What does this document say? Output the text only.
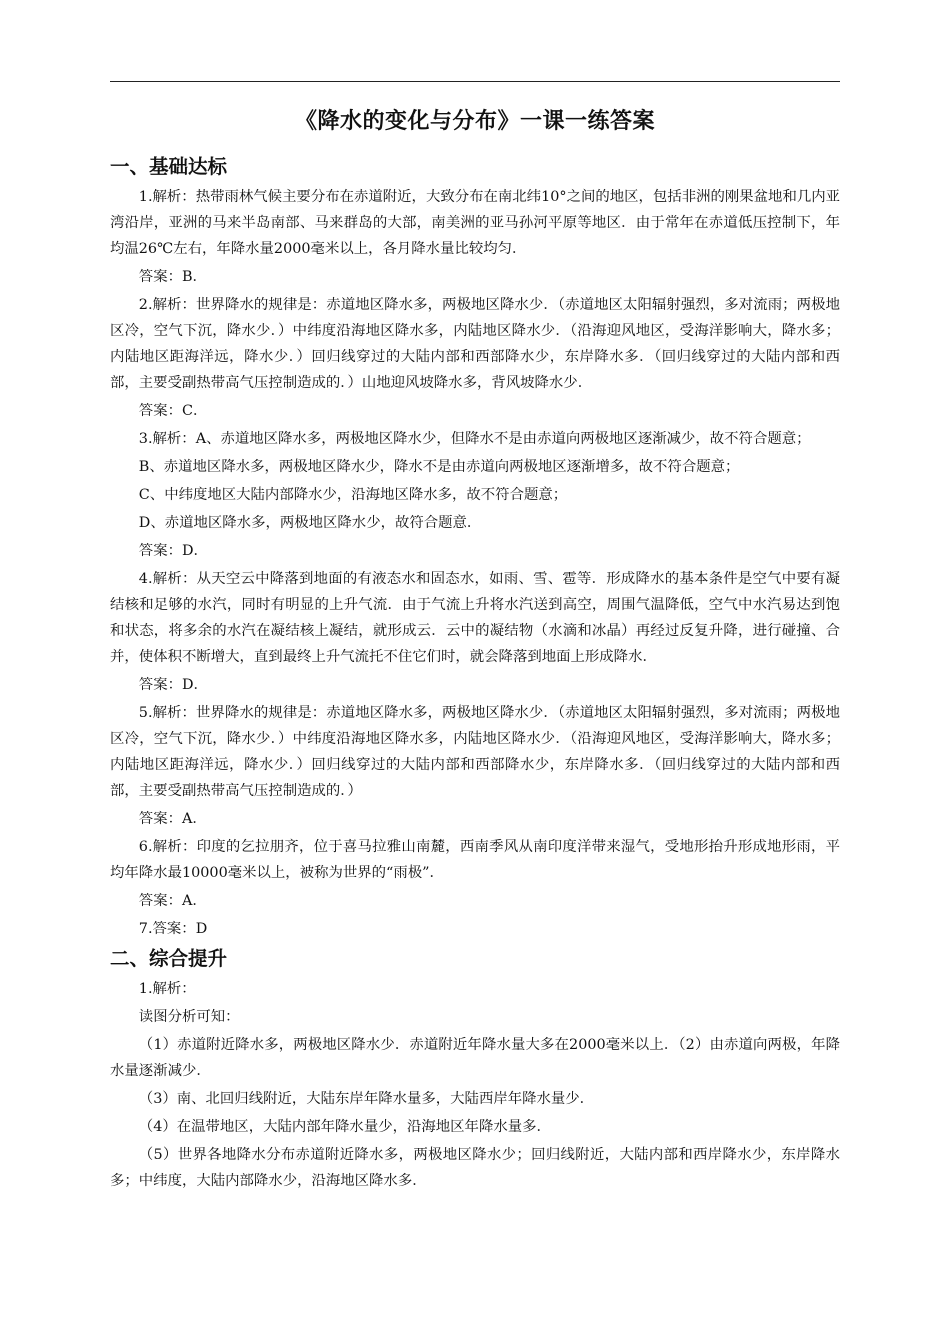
《降水的变化与分布》一课一练答案
一、基础达标

1.解析：热带雨林气候主要分布在赤道附近，大致分布在南北纬10°之间的地区，包括非洲的刚果盆地和几内亚湾沿岸，亚洲的马来半岛南部、马来群岛的大部，南美洲的亚马孙河平原等地区．由于常年在赤道低压控制下，年均温26℃左右，年降水量2000毫米以上，各月降水量比较均匀．

答案：B．

2.解析：世界降水的规律是：赤道地区降水多，两极地区降水少．（赤道地区太阳辐射强烈，多对流雨；两极地区冷，空气下沉，降水少．）中纬度沿海地区降水多，内陆地区降水少．（沿海迎风地区，受海洋影响大，降水多；内陆地区距海洋远，降水少．）回归线穿过的大陆内部和西部降水少，东岸降水多．（回归线穿过的大陆内部和西部，主要受副热带高气压控制造成的．）山地迎风坡降水多，背风坡降水少．

答案：C．

3.解析：A、赤道地区降水多，两极地区降水少，但降水不是由赤道向两极地区逐渐减少，故不符合题意；

B、赤道地区降水多，两极地区降水少，降水不是由赤道向两极地区逐渐增多，故不符合题意；

C、中纬度地区大陆内部降水少，沿海地区降水多，故不符合题意；

D、赤道地区降水多，两极地区降水少，故符合题意．

答案：D．

4.解析：从天空云中降落到地面的有液态水和固态水，如雨、雪、雹等．形成降水的基本条件是空气中要有凝结核和足够的水汽，同时有明显的上升气流．由于气流上升将水汽送到高空，周围气温降低，空气中水汽易达到饱和状态，将多余的水汽在凝结核上凝结，就形成云．云中的凝结物（水滴和冰晶）再经过反复升降，进行碰撞、合并，使体积不断增大，直到最终上升气流托不住它们时，就会降落到地面上形成降水．

答案：D．

5.解析：世界降水的规律是：赤道地区降水多，两极地区降水少．（赤道地区太阳辐射强烈，多对流雨；两极地区冷，空气下沉，降水少．）中纬度沿海地区降水多，内陆地区降水少．（沿海迎风地区，受海洋影响大，降水多；内陆地区距海洋远，降水少．）回归线穿过的大陆内部和西部降水少，东岸降水多．（回归线穿过的大陆内部和西部，主要受副热带高气压控制造成的．）

答案：A．

6.解析：印度的乞拉朋齐，位于喜马拉雅山南麓，西南季风从南印度洋带来湿气，受地形抬升形成地形雨，平均年降水最10000毫米以上，被称为世界的“雨极”．

答案：A．

7.答案：D

二、综合提升

1.解析：

读图分析可知：

（1）赤道附近降水多，两极地区降水少．赤道附近年降水量大多在2000毫米以上．（2）由赤道向两极，年降水量逐渐减少．

（3）南、北回归线附近，大陆东岸年降水量多，大陆西岸年降水量少．

（4）在温带地区，大陆内部年降水量少，沿海地区年降水量多．

（5）世界各地降水分布赤道附近降水多，两极地区降水少；回归线附近，大陆内部和西岸降水少，东岸降水多；中纬度，大陆内部降水少，沿海地区降水多．
